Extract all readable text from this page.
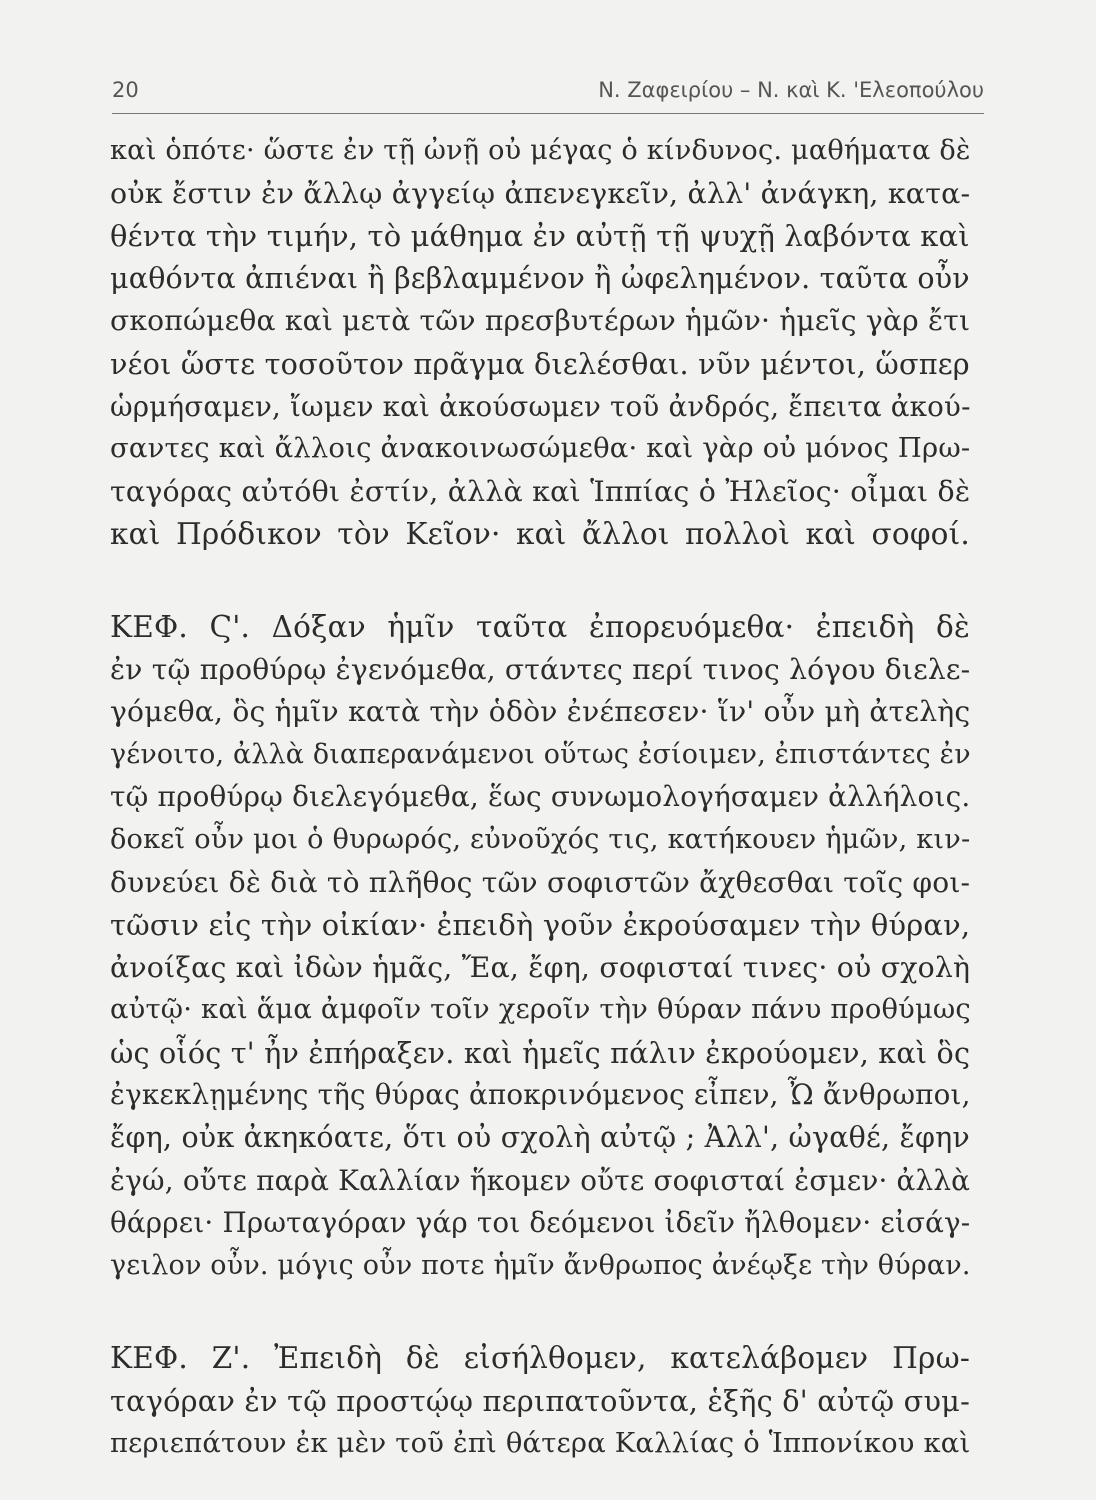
20	Ν. Ζαφειρίου – Ν. καὶ Κ. 'Ελεοπούλου
καὶ ὁπότε· ὥστε ἐν τῇ ὠνῇ οὐ μέγας ὁ κίνδυνος. μαθήματα δὲ
οὐκ ἔστιν ἐν ἄλλῳ ἀγγείῳ ἀπενεγκεῖν, ἀλλ' ἀνάγκη, κατα-
θέντα τὴν τιμήν, τὸ μάθημα ἐν αὐτῇ τῇ ψυχῇ λαβόντα καὶ
μαθόντα ἀπιέναι ἢ βεβλαμμένον ἢ ὠφελημένον. ταῦτα οὖν
σκοπώμεθα καὶ μετὰ τῶν πρεσβυτέρων ἡμῶν· ἡμεῖς γὰρ ἔτι
νέοι ὥστε τοσοῦτον πρᾶγμα διελέσθαι. νῦν μέντοι, ὥσπερ
ὡρμήσαμεν, ἴωμεν καὶ ἀκούσωμεν τοῦ ἀνδρός, ἔπειτα ἀκού-
σαντες καὶ ἄλλοις ἀνακοινωσώμεθα· καὶ γὰρ οὐ μόνος Πρω-
ταγόρας αὐτόθι ἐστίν, ἀλλὰ καὶ Ἱππίας ὁ Ἠλεῖος· οἶμαι δὲ
καὶ Πρόδικον τὸν Κεῖον· καὶ ἄλλοι πολλοὶ καὶ σοφοί.
ΚΕΦ. Ϛ'. Δόξαν ἡμῖν ταῦτα ἐπορευόμεθα· ἐπειδὴ δὲ
ἐν τῷ προθύρῳ ἐγενόμεθα, στάντες περί τινος λόγου διελε-
γόμεθα, ὃς ἡμῖν κατὰ τὴν ὁδὸν ἐνέπεσεν· ἵν' οὖν μὴ ἀτελὴς
γένοιτο, ἀλλὰ διαπερανάμενοι οὕτως ἐσίοιμεν, ἐπιστάντες ἐν
τῷ προθύρῳ διελεγόμεθα, ἕως συνωμολογήσαμεν ἀλλήλοις.
δοκεῖ οὖν μοι ὁ θυρωρός, εὐνοῦχός τις, κατήκουεν ἡμῶν, κιν-
δυνεύει δὲ διὰ τὸ πλῆθος τῶν σοφιστῶν ἄχθεσθαι τοῖς φοι-
τῶσιν εἰς τὴν οἰκίαν· ἐπειδὴ γοῦν ἐκρούσαμεν τὴν θύραν,
ἀνοίξας καὶ ἰδὼν ἡμᾶς, Ἔα, ἔφη, σοφισταί τινες· οὐ σχολὴ
αὐτῷ· καὶ ἅμα ἀμφοῖν τοῖν χεροῖν τὴν θύραν πάνυ προθύμως
ὡς οἷός τ' ἦν ἐπήραξεν. καὶ ἡμεῖς πάλιν ἐκρούομεν, καὶ ὃς
ἐγκεκλῃμένης τῆς θύρας ἀποκρινόμενος εἶπεν, Ὦ ἄνθρωποι,
ἔφη, οὐκ ἀκηκόατε, ὅτι οὐ σχολὴ αὐτῷ ; Ἀλλ', ὠγαθέ, ἔφην
ἐγώ, οὔτε παρὰ Καλλίαν ἥκομεν οὔτε σοφισταί ἐσμεν· ἀλλὰ
θάρρει· Πρωταγόραν γάρ τοι δεόμενοι ἰδεῖν ἤλθομεν· εἰσάγ-
γειλον οὖν. μόγις οὖν ποτε ἡμῖν ἄνθρωπος ἀνέῳξε τὴν θύραν.
ΚΕΦ. Ζ'. Ἐπειδὴ δὲ εἰσήλθομεν, κατελάβομεν Πρω-
ταγόραν ἐν τῷ προστῴῳ περιπατοῦντα, ἑξῆς δ' αὐτῷ συμ-
περιεπάτουν ἐκ μὲν τοῦ ἐπὶ θάτερα Καλλίας ὁ Ἱππονίκου καὶ
